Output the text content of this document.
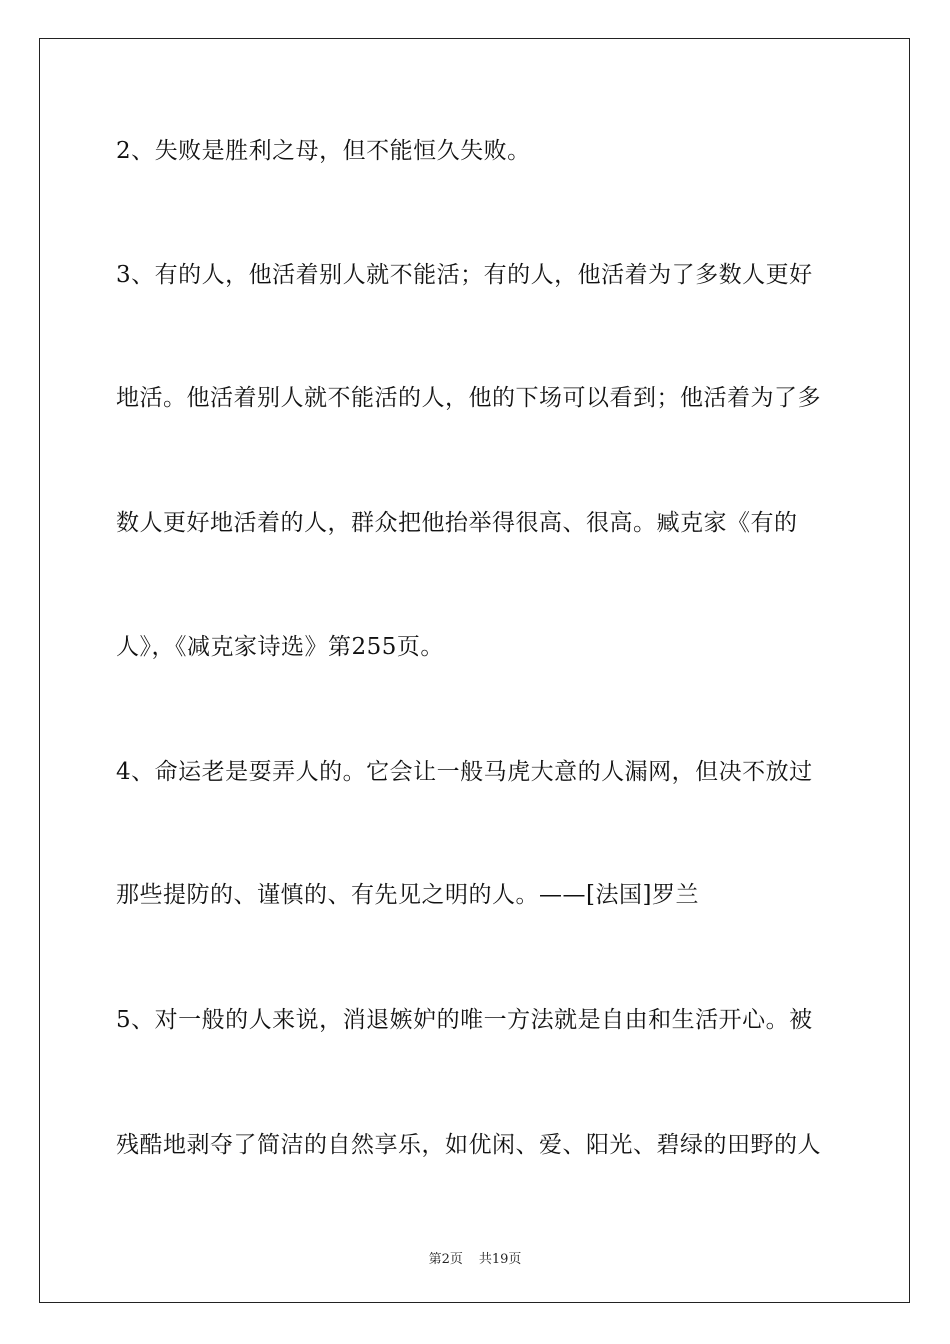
2、失败是胜利之母，但不能恒久失败。
3、有的人，他活着别人就不能活；有的人，他活着为了多数人更好
地活。他活着别人就不能活的人，他的下场可以看到；他活着为了多
数人更好地活着的人，群众把他抬举得很高、很高。臧克家《有的
人》，《减克家诗选》第255页。
4、命运老是耍弄人的。它会让一般马虎大意的人漏网，但决不放过
那些提防的、谨慎的、有先见之明的人。——[法国]罗兰
5、对一般的人来说，消退嫉妒的唯一方法就是自由和生活开心。被
残酷地剥夺了简洁的自然享乐，如优闲、爱、阳光、碧绿的田野的人
第2页 共19页
